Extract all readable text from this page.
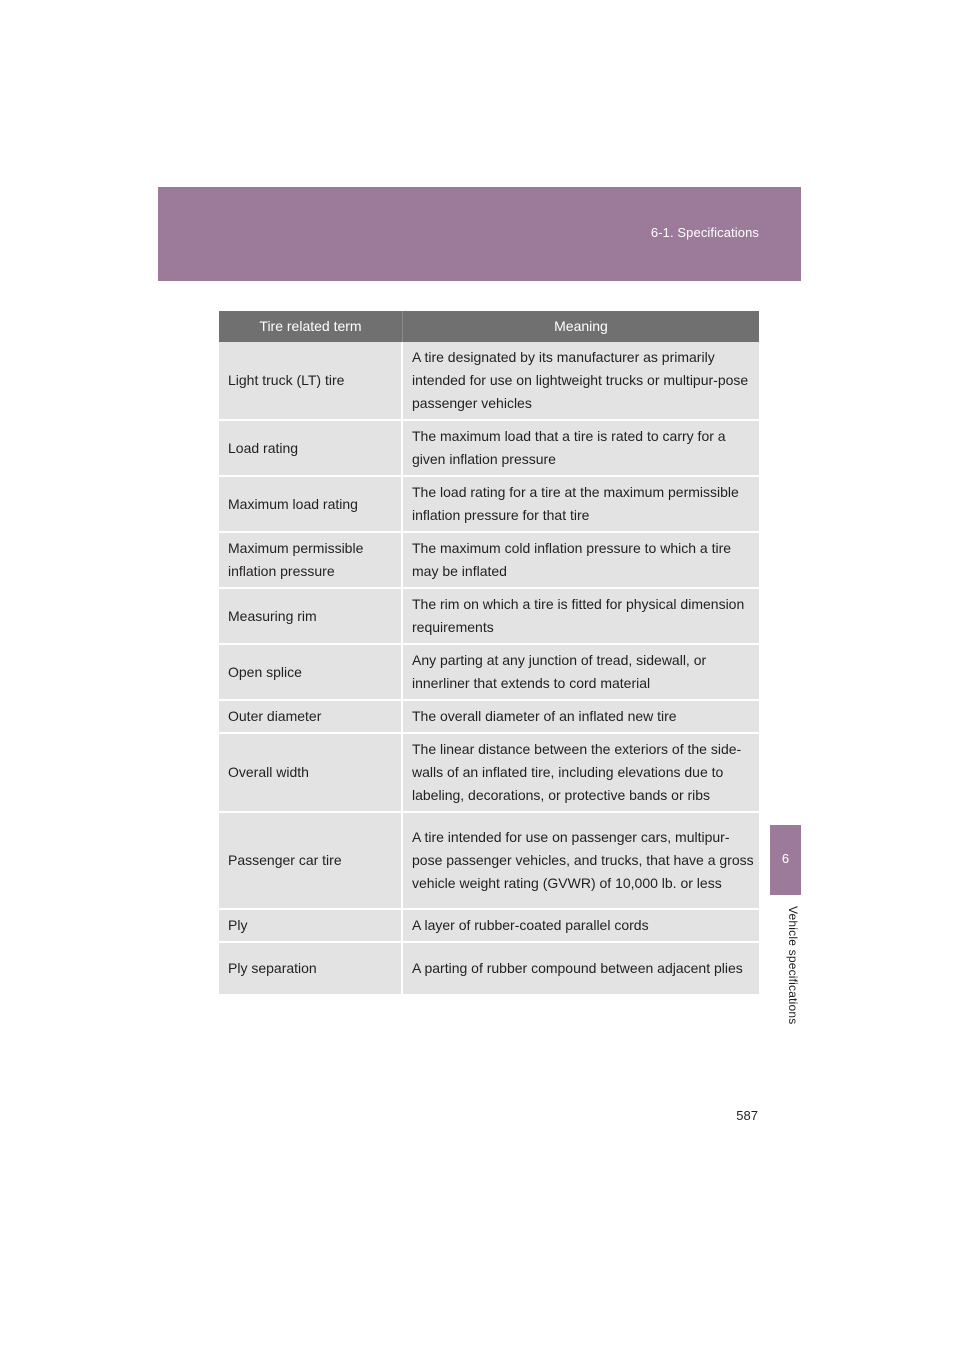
6-1. Specifications
6
Vehicle specifications
Tire related term	Meaning
Light truck (LT) tire	A tire designated by its manufacturer as primarily intended for use on lightweight trucks or multipur-pose passenger vehicles
Load rating	The maximum load that a tire is rated to carry for a given inflation pressure
Maximum load rating	The load rating for a tire at the maximum permissible inflation pressure for that tire
Maximum permissible inflation pressure	The maximum cold inflation pressure to which a tire may be inflated
Measuring rim	The rim on which a tire is fitted for physical dimension requirements
Open splice	Any parting at any junction of tread, sidewall, or innerliner that extends to cord material
Outer diameter	The overall diameter of an inflated new tire
Overall width	The linear distance between the exteriors of the side-walls of an inflated tire, including elevations due to labeling, decorations, or protective bands or ribs
Passenger car tire	A tire intended for use on passenger cars, multipur-pose passenger vehicles, and trucks, that have a gross vehicle weight rating (GVWR) of 10,000 lb. or less
Ply	A layer of rubber-coated parallel cords
Ply separation	A parting of rubber compound between adjacent plies
587
